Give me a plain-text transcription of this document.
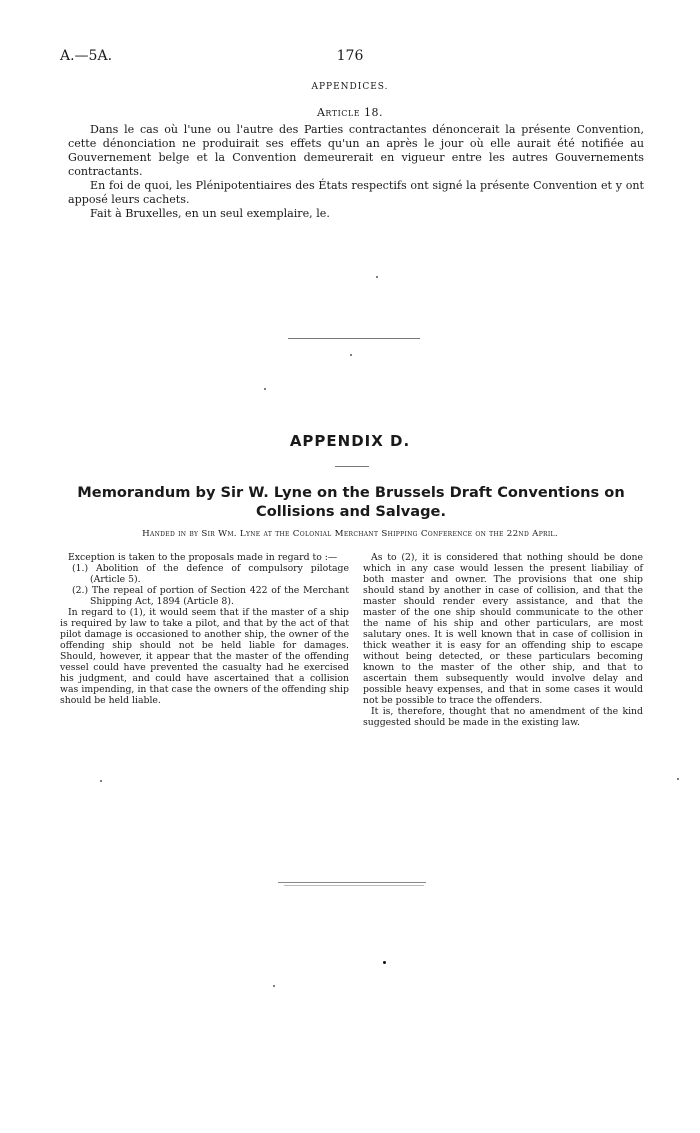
A.—5A.	176
APPENDICES.
Article 18.

Dans le cas où l'une ou l'autre des Parties contractantes dénoncerait la présente Convention, cette dénonciation ne produirait ses effets qu'un an après le jour où elle aurait été notifiée au Gouvernement belge et la Convention demeurerait en vigueur entre les autres Gouvernements contractants.

En foi de quoi, les Plénipotentiaires des États respectifs ont signé la présente Convention et y ont apposé leurs cachets.

Fait à Bruxelles, en un seul exemplaire, le.

APPENDIX D.
Memorandum by Sir W. Lyne on the Brussels Draft Conventions on Collisions and Salvage.
Handed in by Sir Wm. Lyne at the Colonial Merchant Shipping Conference on the 22nd April.

Exception is taken to the proposals made in regard to :—

(1.) Abolition of the defence of compulsory pilotage (Article 5).

(2.) The repeal of portion of Section 422 of the Merchant Shipping Act, 1894 (Article 8).

In regard to (1), it would seem that if the master of a ship is required by law to take a pilot, and that by the act of that pilot damage is occasioned to another ship, the owner of the offending ship should not be held liable for damages. Should, however, it appear that the master of the offending vessel could have prevented the casualty had he exercised his judgment, and could have ascertained that a collision was impending, in that case the owners of the offending ship should be held liable.

As to (2), it is considered that nothing should be done which in any case would lessen the present liabiliay of both master and owner. The provisions that one ship should stand by another in case of collision, and that the master should render every assistance, and that the master of the one ship should communicate to the other the name of his ship and other particulars, are most salutary ones. It is well known that in case of collision in thick weather it is easy for an offending ship to escape without being detected, or these particulars becoming known to the master of the other ship, and that to ascertain them subsequently would involve delay and possible heavy expenses, and that in some cases it would not be possible to trace the offenders.

It is, therefore, thought that no amendment of the kind suggested should be made in the existing law.
